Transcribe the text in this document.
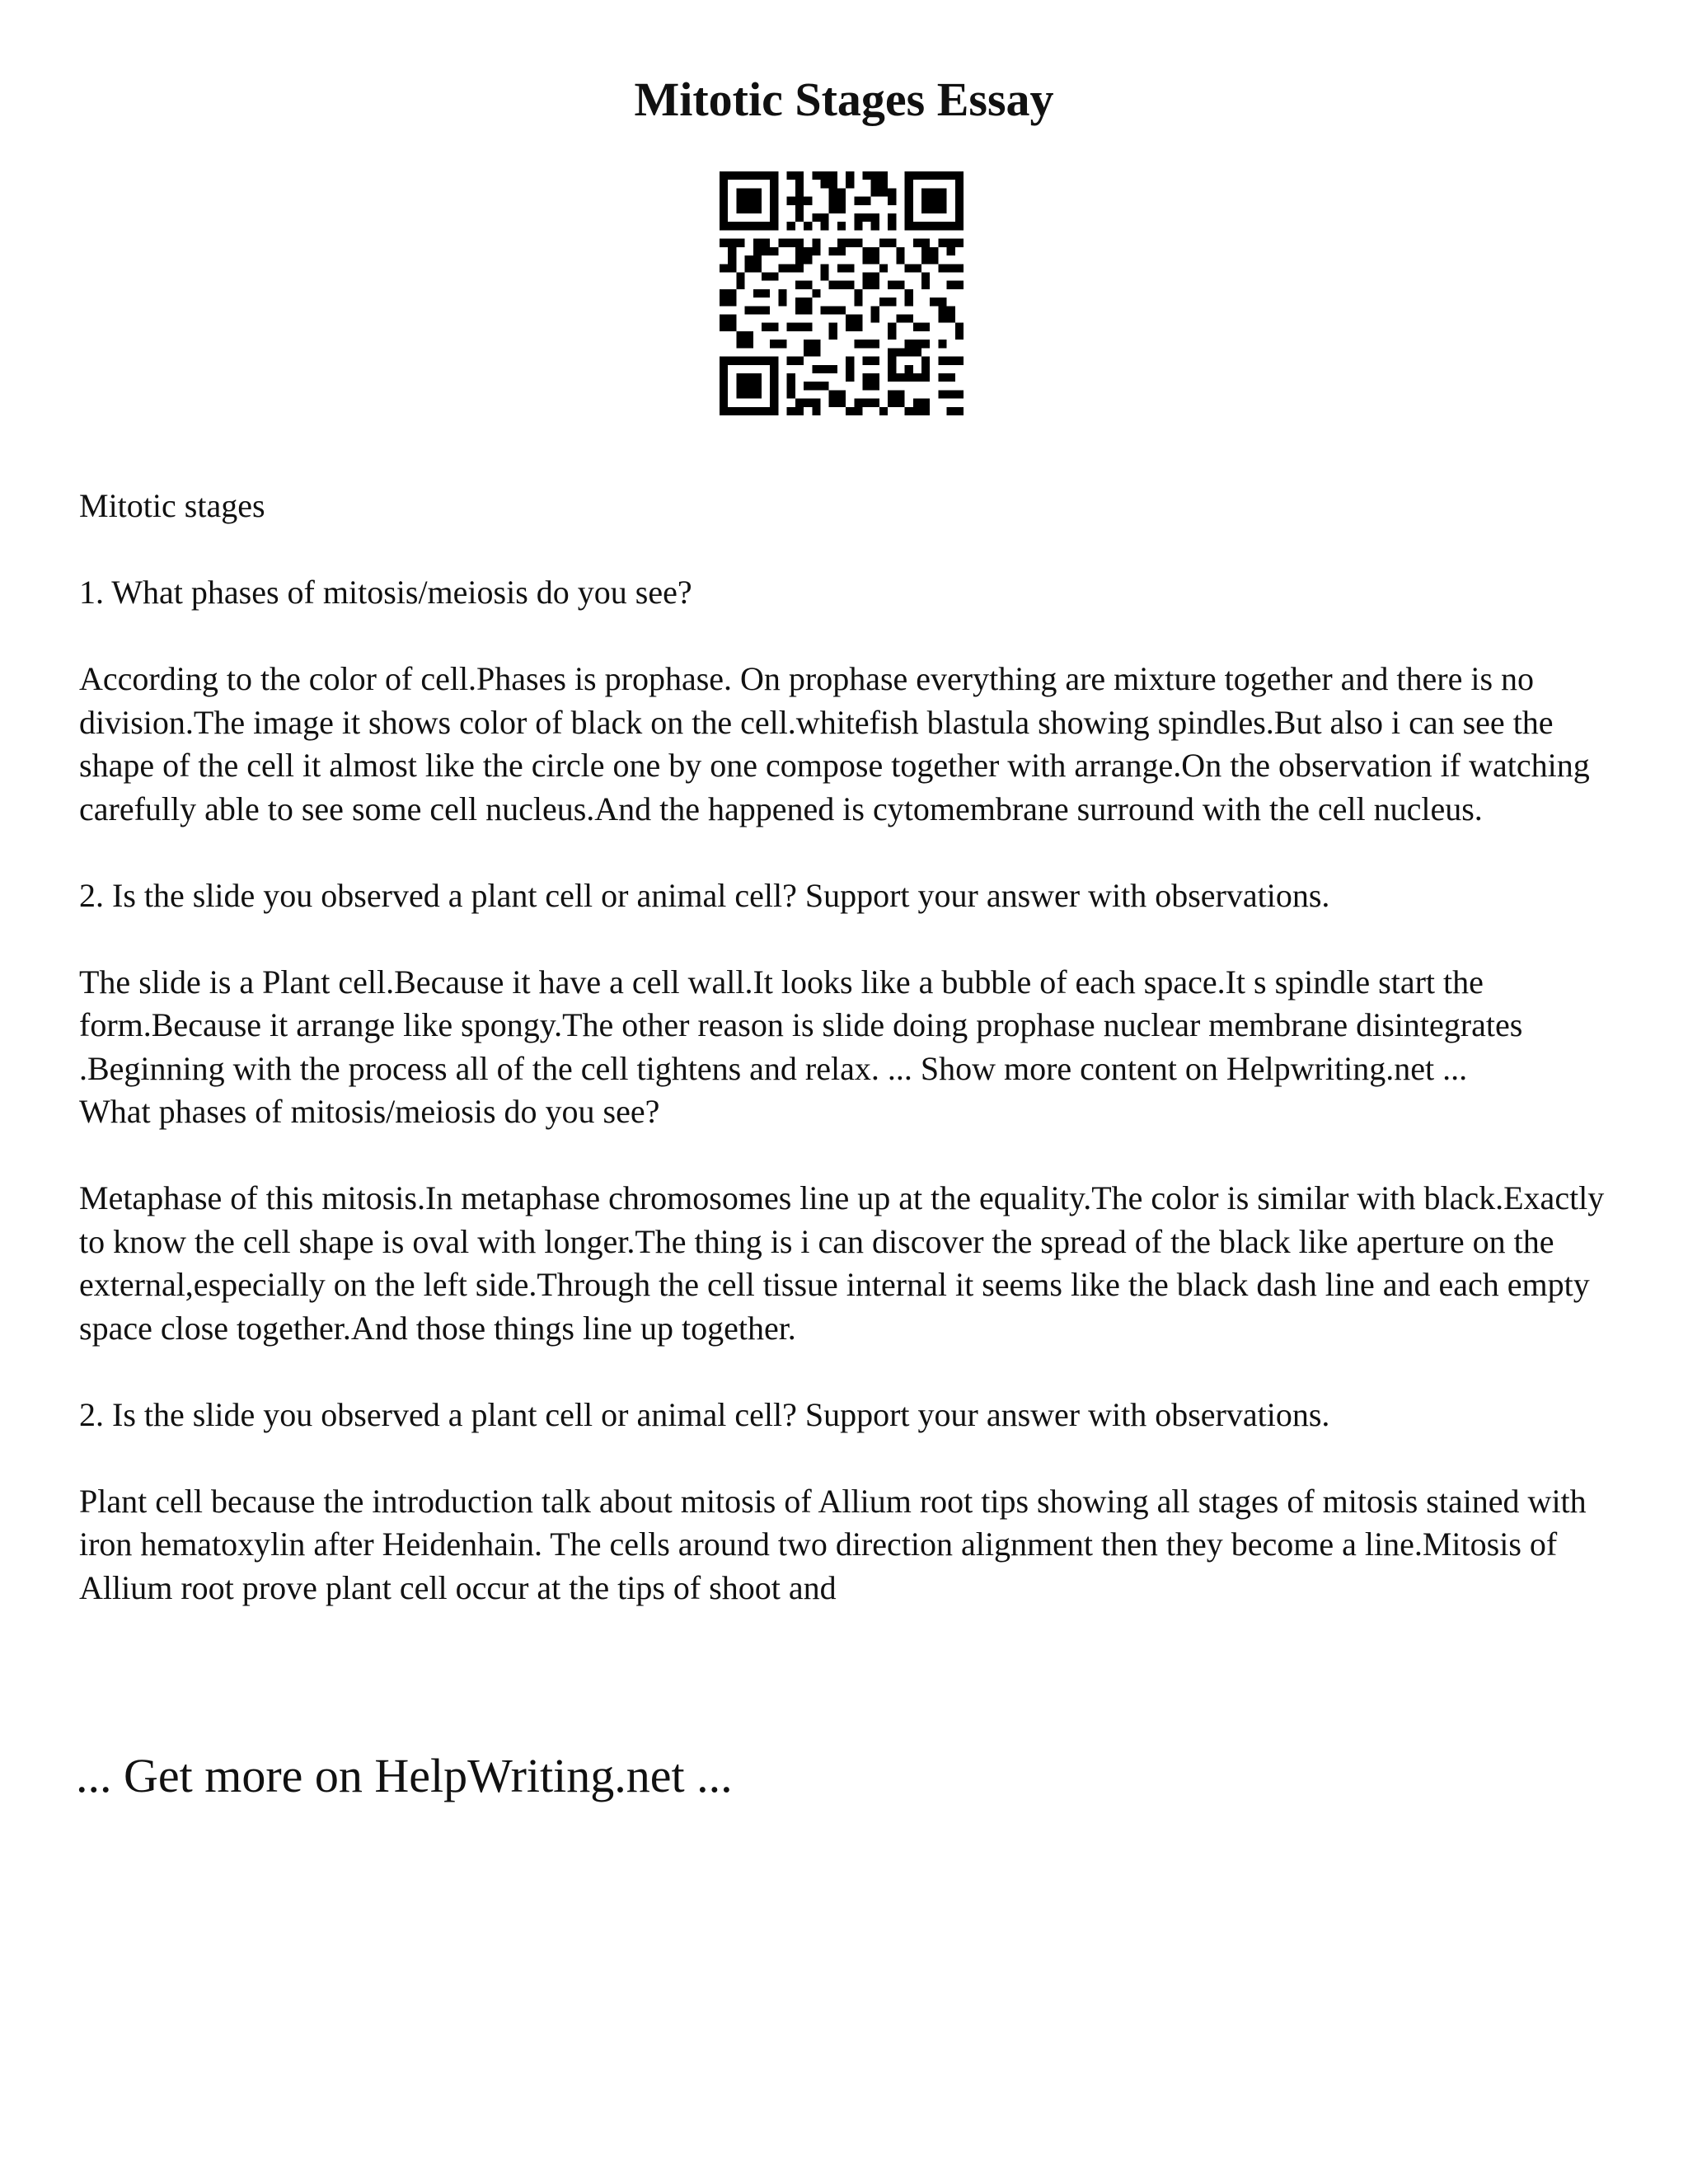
Mitotic Stages Essay

Mitotic stages

1. What phases of mitosis/meiosis do you see?

According to the color of cell.Phases is prophase. On prophase everything are mixture together and there is no division.The image it shows color of black on the cell.whitefish blastula showing spindles.But also i can see the shape of the cell it almost like the circle one by one compose together with arrange.On the observation if watching carefully able to see some cell nucleus.And the happened is cytomembrane surround with the cell nucleus.

2. Is the slide you observed a plant cell or animal cell? Support your answer with observations.

The slide is a Plant cell.Because it have a cell wall.It looks like a bubble of each space.It s spindle start the form.Because it arrange like spongy.The other reason is slide doing prophase nuclear membrane disintegrates .Beginning with the process all of the cell tightens and relax. ... Show more content on Helpwriting.net ...

What phases of mitosis/meiosis do you see?

Metaphase of this mitosis.In metaphase chromosomes line up at the equality.The color is similar with black.Exactly to know the cell shape is oval with longer.The thing is i can discover the spread of the black like aperture on the external,especially on the left side.Through the cell tissue internal it seems like the black dash line and each empty space close together.And those things line up together.

2. Is the slide you observed a plant cell or animal cell? Support your answer with observations.

Plant cell because the introduction talk about mitosis of Allium root tips showing all stages of mitosis stained with iron hematoxylin after Heidenhain. The cells around two direction alignment then they become a line.Mitosis of Allium root prove plant cell occur at the tips of shoot and

... Get more on HelpWriting.net ...
